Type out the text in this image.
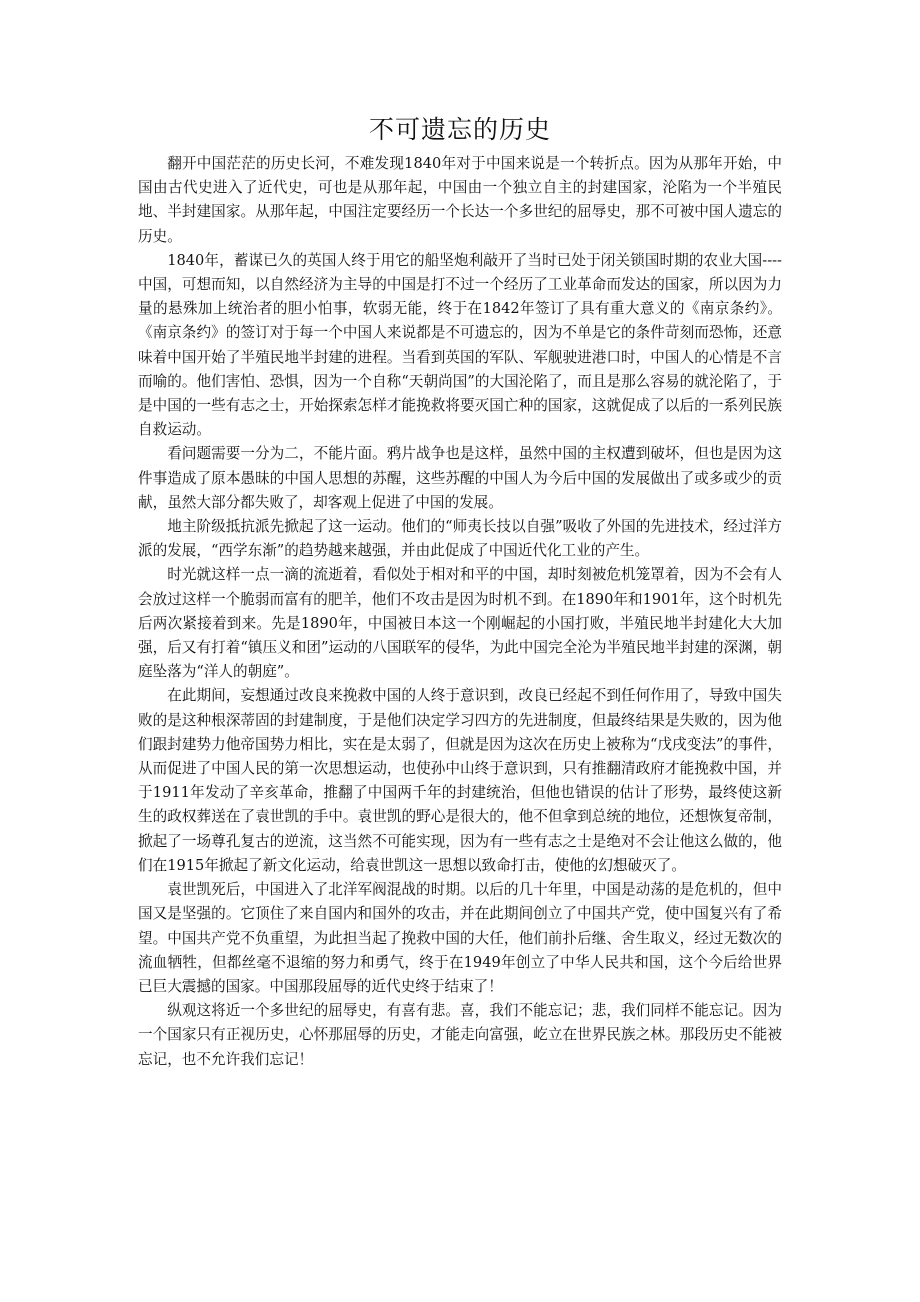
不可遗忘的历史

翻开中国茫茫的历史长河，不难发现1840年对于中国来说是一个转折点。因为从那年开始，中国由古代史进入了近代史，可也是从那年起，中国由一个独立自主的封建国家，沦陷为一个半殖民地、半封建国家。从那年起，中国注定要经历一个长达一个多世纪的屈辱史，那不可被中国人遗忘的历史。

1840年，蓄谋已久的英国人终于用它的船坚炮利敲开了当时已处于闭关锁国时期的农业大国----中国，可想而知，以自然经济为主导的中国是打不过一个经历了工业革命而发达的国家，所以因为力量的悬殊加上统治者的胆小怕事，软弱无能，终于在1842年签订了具有重大意义的《南京条约》。《南京条约》的签订对于每一个中国人来说都是不可遗忘的，因为不单是它的条件苛刻而恐怖，还意味着中国开始了半殖民地半封建的进程。当看到英国的军队、军舰驶进港口时，中国人的心情是不言而喻的。他们害怕、恐惧，因为一个自称“天朝尚国”的大国沦陷了，而且是那么容易的就沦陷了，于是中国的一些有志之士，开始探索怎样才能挽救将要灭国亡种的国家，这就促成了以后的一系列民族自救运动。

看问题需要一分为二，不能片面。鸦片战争也是这样，虽然中国的主权遭到破坏，但也是因为这件事造成了原本愚昧的中国人思想的苏醒，这些苏醒的中国人为今后中国的发展做出了或多或少的贡献，虽然大部分都失败了，却客观上促进了中国的发展。

地主阶级抵抗派先掀起了这一运动。他们的“师夷长技以自强”吸收了外国的先进技术，经过洋方派的发展，“西学东渐”的趋势越来越强，并由此促成了中国近代化工业的产生。

时光就这样一点一滴的流逝着，看似处于相对和平的中国，却时刻被危机笼罩着，因为不会有人会放过这样一个脆弱而富有的肥羊，他们不攻击是因为时机不到。在1890年和1901年，这个时机先后两次紧接着到来。先是1890年，中国被日本这一个刚崛起的小国打败，半殖民地半封建化大大加强，后又有打着“镇压义和团”运动的八国联军的侵华，为此中国完全沦为半殖民地半封建的深渊，朝庭坠落为“洋人的朝庭”。

在此期间，妄想通过改良来挽救中国的人终于意识到，改良已经起不到任何作用了，导致中国失败的是这种根深蒂固的封建制度，于是他们决定学习四方的先进制度，但最终结果是失败的，因为他们跟封建势力他帝国势力相比，实在是太弱了，但就是因为这次在历史上被称为“戊戌变法”的事件，从而促进了中国人民的第一次思想运动，也使孙中山终于意识到，只有推翻清政府才能挽救中国，并于1911年发动了辛亥革命，推翻了中国两千年的封建统治，但他也错误的估计了形势，最终使这新生的政权葬送在了袁世凯的手中。袁世凯的野心是很大的，他不但拿到总统的地位，还想恢复帝制，掀起了一场尊孔复古的逆流，这当然不可能实现，因为有一些有志之士是绝对不会让他这么做的，他们在1915年掀起了新文化运动，给袁世凯这一思想以致命打击，使他的幻想破灭了。

袁世凯死后，中国进入了北洋军阀混战的时期。以后的几十年里，中国是动荡的是危机的，但中国又是坚强的。它顶住了来自国内和国外的攻击，并在此期间创立了中国共产党，使中国复兴有了希望。中国共产党不负重望，为此担当起了挽救中国的大任，他们前扑后继、舍生取义，经过无数次的流血牺牲，但都丝毫不退缩的努力和勇气，终于在1949年创立了中华人民共和国，这个今后给世界已巨大震撼的国家。中国那段屈辱的近代史终于结束了！

纵观这将近一个多世纪的屈辱史，有喜有悲。喜，我们不能忘记；悲，我们同样不能忘记。因为一个国家只有正视历史，心怀那屈辱的历史，才能走向富强，屹立在世界民族之林。那段历史不能被忘记，也不允许我们忘记！
